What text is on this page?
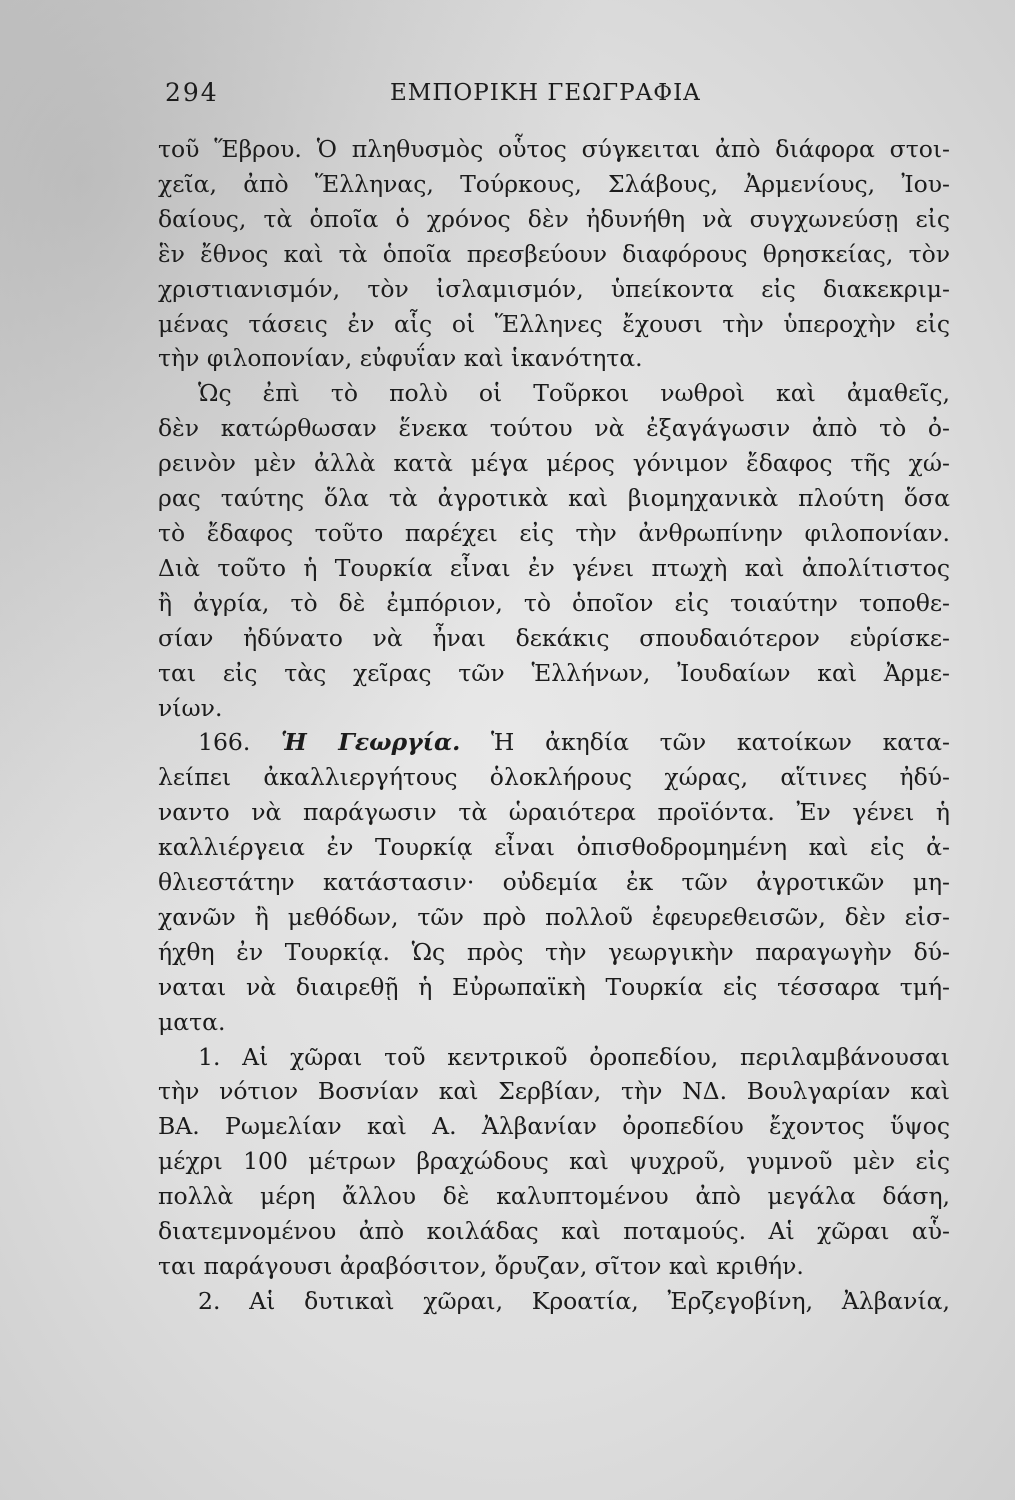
294	ΕΜΠΟΡΙΚΗ ΓΕΩΓΡΑΦΙΑ
τοῦ Ἕβρου. Ὁ πληθυσμὸς οὗτος σύγκειται ἀπὸ διάφορα στοι-
χεῖα, ἀπὸ Ἕλληνας, Τούρκους, Σλάβους, Ἀρμενίους, Ἰου-
δαίους, τὰ ὁποῖα ὁ χρόνος δὲν ἠδυνήθη νὰ συγχωνεύσῃ εἰς
ἓν ἔθνος καὶ τὰ ὁποῖα πρεσβεύουν διαφόρους θρησκείας, τὸν
χριστιανισμόν, τὸν ἰσλαμισμόν, ὑπείκοντα εἰς διακεκριμ-
μένας τάσεις ἐν αἷς οἱ Ἕλληνες ἔχουσι τὴν ὑπεροχὴν εἰς
τὴν φιλοπονίαν, εὐφυΐαν καὶ ἱκανότητα.
Ὡς ἐπὶ τὸ πολὺ οἱ Τοῦρκοι νωθροὶ καὶ ἀμαθεῖς,
δὲν κατώρθωσαν ἕνεκα τούτου νὰ ἐξαγάγωσιν ἀπὸ τὸ ὀ-
ρεινὸν μὲν ἀλλὰ κατὰ μέγα μέρος γόνιμον ἔδαφος τῆς χώ-
ρας ταύτης ὅλα τὰ ἀγροτικὰ καὶ βιομηχανικὰ πλούτη ὅσα
τὸ ἔδαφος τοῦτο παρέχει εἰς τὴν ἀνθρωπίνην φιλοπονίαν.
Διὰ τοῦτο ἡ Τουρκία εἶναι ἐν γένει πτωχὴ καὶ ἀπολίτιστος
ἢ ἀγρία, τὸ δὲ ἐμπόριον, τὸ ὁποῖον εἰς τοιαύτην τοποθε-
σίαν ἠδύνατο νὰ ἦναι δεκάκις σπουδαιότερον εὑρίσκε-
ται εἰς τὰς χεῖρας τῶν Ἑλλήνων, Ἰουδαίων καὶ Ἀρμε-
νίων.
166. Ἡ Γεωργία. Ἡ ἀκηδία τῶν κατοίκων κατα-
λείπει ἀκαλλιεργήτους ὁλοκλήρους χώρας, αἵτινες ἠδύ-
ναντο νὰ παράγωσιν τὰ ὡραιότερα προϊόντα. Ἐν γένει ἡ
καλλιέργεια ἐν Τουρκίᾳ εἶναι ὀπισθοδρομημένη καὶ εἰς ἀ-
θλιεστάτην κατάστασιν· οὐδεμία ἐκ τῶν ἀγροτικῶν μη-
χανῶν ἢ μεθόδων, τῶν πρὸ πολλοῦ ἐφευρεθεισῶν, δὲν εἰσ-
ήχθη ἐν Τουρκίᾳ. Ὡς πρὸς τὴν γεωργικὴν παραγωγὴν δύ-
ναται νὰ διαιρεθῇ ἡ Εὐρωπαϊκὴ Τουρκία εἰς τέσσαρα τμή-
ματα.
1. Αἱ χῶραι τοῦ κεντρικοῦ ὀροπεδίου, περιλαμβάνουσαι
τὴν νότιον Βοσνίαν καὶ Σερβίαν, τὴν ΝΔ. Βουλγαρίαν καὶ
ΒΑ. Ρωμελίαν καὶ Α. Ἀλβανίαν ὀροπεδίου ἔχοντος ὕψος
μέχρι 100 μέτρων βραχώδους καὶ ψυχροῦ, γυμνοῦ μὲν εἰς
πολλὰ μέρη ἄλλου δὲ καλυπτομένου ἀπὸ μεγάλα δάση,
διατεμνομένου ἀπὸ κοιλάδας καὶ ποταμούς. Αἱ χῶραι αὗ-
ται παράγουσι ἀραβόσιτον, ὄρυζαν, σῖτον καὶ κριθήν.
2. Αἱ δυτικαὶ χῶραι, Κροατία, Ἐρζεγοβίνη, Ἀλβανία,
